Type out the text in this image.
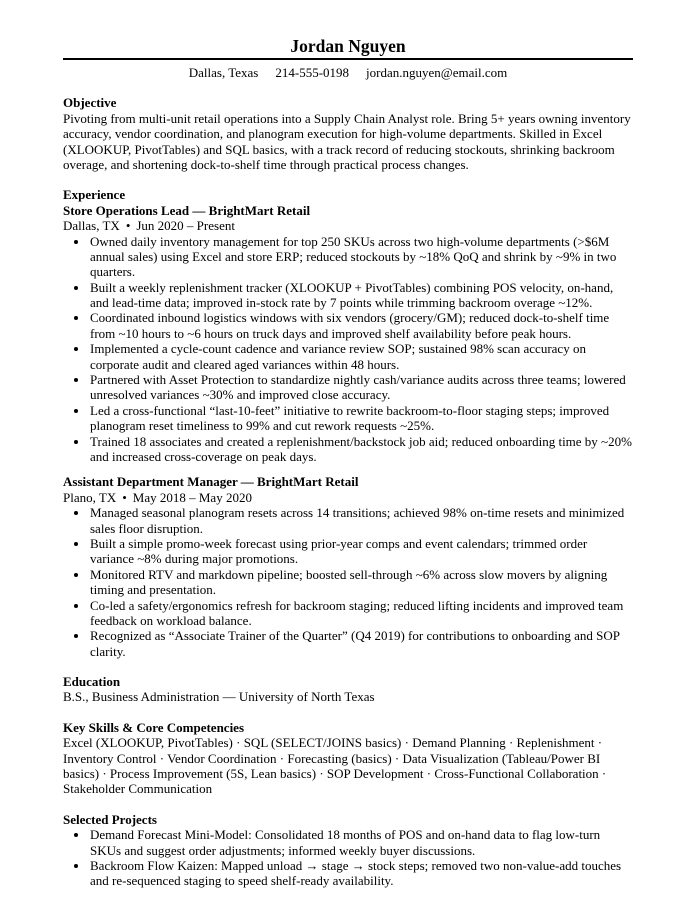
Jordan Nguyen
Dallas, Texas 214-555-0198 jordan.nguyen@email.com
Objective

Pivoting from multi-unit retail operations into a Supply Chain Analyst role. Bring 5+ years owning inventory accuracy, vendor coordination, and planogram execution for high-volume departments. Skilled in Excel (XLOOKUP, PivotTables) and SQL basics, with a track record of reducing stockouts, shrinking backroom overage, and shortening dock-to-shelf time through practical process changes.

Experience
Store Operations Lead — BrightMart Retail
Dallas, TX • Jun 2020 – Present
• Owned daily inventory management for top 250 SKUs across two high-volume departments (>$6M annual sales) using Excel and store ERP; reduced stockouts by ~18% QoQ and shrink by ~9% in two quarters.
• Built a weekly replenishment tracker (XLOOKUP + PivotTables) combining POS velocity, on-hand, and lead-time data; improved in-stock rate by 7 points while trimming backroom overage ~12%.
• Coordinated inbound logistics windows with six vendors (grocery/GM); reduced dock-to-shelf time from ~10 hours to ~6 hours on truck days and improved shelf availability before peak hours.
• Implemented a cycle-count cadence and variance review SOP; sustained 98% scan accuracy on corporate audit and cleared aged variances within 48 hours.
• Partnered with Asset Protection to standardize nightly cash/variance audits across three teams; lowered unresolved variances ~30% and improved close accuracy.
• Led a cross-functional “last-10-feet” initiative to rewrite backroom-to-floor staging steps; improved planogram reset timeliness to 99% and cut rework requests ~25%.
• Trained 18 associates and created a replenishment/backstock job aid; reduced onboarding time by ~20% and increased cross-coverage on peak days.
Assistant Department Manager — BrightMart Retail
Plano, TX • May 2018 – May 2020
• Managed seasonal planogram resets across 14 transitions; achieved 98% on-time resets and minimized sales floor disruption.
• Built a simple promo-week forecast using prior-year comps and event calendars; trimmed order variance ~8% during major promotions.
• Monitored RTV and markdown pipeline; boosted sell-through ~6% across slow movers by aligning timing and presentation.
• Co-led a safety/ergonomics refresh for backroom staging; reduced lifting incidents and improved team feedback on workload balance.
• Recognized as “Associate Trainer of the Quarter” (Q4 2019) for contributions to onboarding and SOP clarity.
Education

B.S., Business Administration — University of North Texas

Key Skills & Core Competencies

Excel (XLOOKUP, PivotTables) · SQL (SELECT/JOINS basics) · Demand Planning · Replenishment · Inventory Control · Vendor Coordination · Forecasting (basics) · Data Visualization (Tableau/Power BI basics) · Process Improvement (5S, Lean basics) · SOP Development · Cross-Functional Collaboration · Stakeholder Communication

Selected Projects
• Demand Forecast Mini-Model: Consolidated 18 months of POS and on-hand data to flag low-turn SKUs and suggest order adjustments; informed weekly buyer discussions.
• Backroom Flow Kaizen: Mapped unload → stage → stock steps; removed two non-value-add touches and re-sequenced staging to speed shelf-ready availability.
